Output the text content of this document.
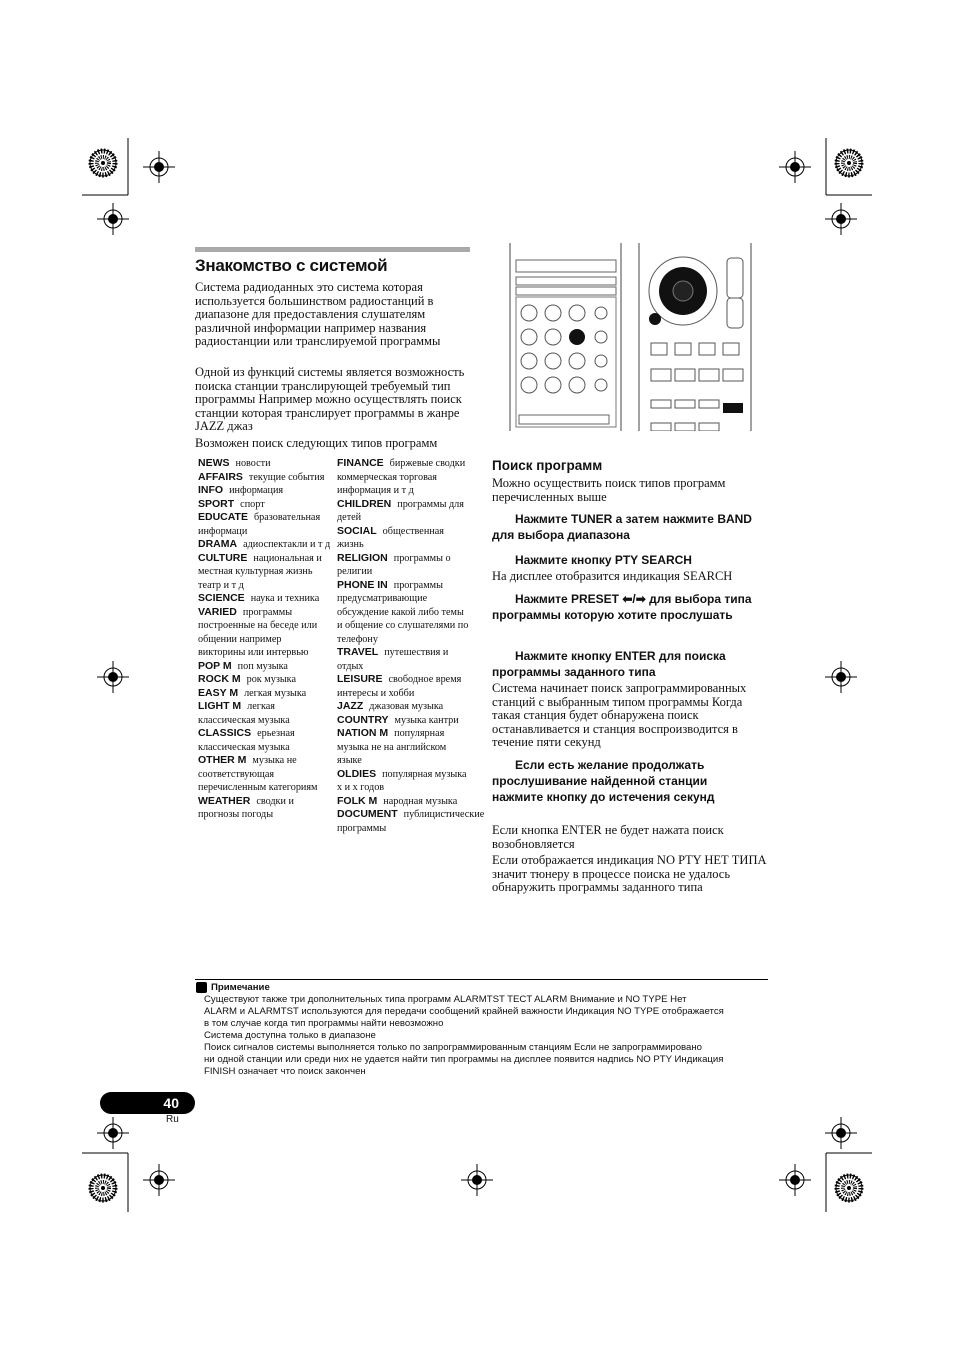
Знакомство с системой
Система радиоданных это система которая используется большинством радиостанций в диапазоне для предоставления слушателям различной информации например названия радиостанции или транслируемой программы
Одной из функций системы является возможность поиска станции транслирующей требуемый тип программы Например можно осуществлять поиск станции которая транслирует программы в жанре JAZZ джаз
Возможен поиск следующих типов программ
NEWS новости
AFFAIRS текущие события
INFO информация
SPORT спорт
EDUCATE бразовательная информаци
DRAMA адиоспектакли и т д
CULTURE национальная и местная культурная жизнь театр и т д
SCIENCE наука и техника
VARIED программы построенные на беседе или общении например викторины или интервью
POP M поп музыка
ROCK M рок музыка
EASY M легкая музыка
LIGHT M легкая классическая музыка
CLASSICS ерьезная классическая музыка
OTHER M музыка не соответствующая перечисленным категориям
WEATHER сводки и прогнозы погоды
FINANCE биржевые сводки коммерческая торговая информация и т д
CHILDREN программы для детей
SOCIAL общественная жизнь
RELIGION программы о религии
PHONE IN программы предусматривающие обсуждение какой либо темы и общение со слушателями по телефону
TRAVEL путешествия и отдых
LEISURE свободное время интересы и хобби
JAZZ джазовая музыка
COUNTRY музыка кантри
NATION M популярная музыка не на английском языке
OLDIES популярная музыка х и х годов
FOLK M народная музыка
DOCUMENT публицистические программы
Поиск программ
Можно осуществить поиск типов программ перечисленных выше
Нажмите TUNER а затем нажмите BAND для выбора диапазона
Нажмите кнопку PTY SEARCH
На дисплее отобразится индикация SEARCH
Нажмите PRESET ⬅/➡ для выбора типа программы которую хотите прослушать
Нажмите кнопку ENTER для поиска программы заданного типа
Система начинает поиск запрограммированных станций с выбранным типом программы Когда такая станция будет обнаружена поиск останавливается и станция воспроизводится в течение пяти секунд
Если есть желание продолжать прослушивание найденной станции нажмите кнопку до истечения секунд
Если кнопка ENTER не будет нажата поиск возобновляется
Если отображается индикация NO PTY НЕТ ТИПА значит тюнеру в процессе поиска не удалось обнаружить программы заданного типа
Примечание
Существуют также три дополнительных типа программ ALARMTST TECT ALARM Внимание и NO TYPE Нет
ALARM и ALARMTST используются для передачи сообщений крайней важности Индикация NO TYPE отображается
в том случае когда тип программы найти невозможно
Система доступна только в диапазоне
Поиск сигналов системы выполняется только по запрограммированным станциям Если не запрограммировано
ни одной станции или среди них не удается найти тип программы на дисплее появится надпись NO PTY Индикация
FINISH означает что поиск закончен
40
Ru
